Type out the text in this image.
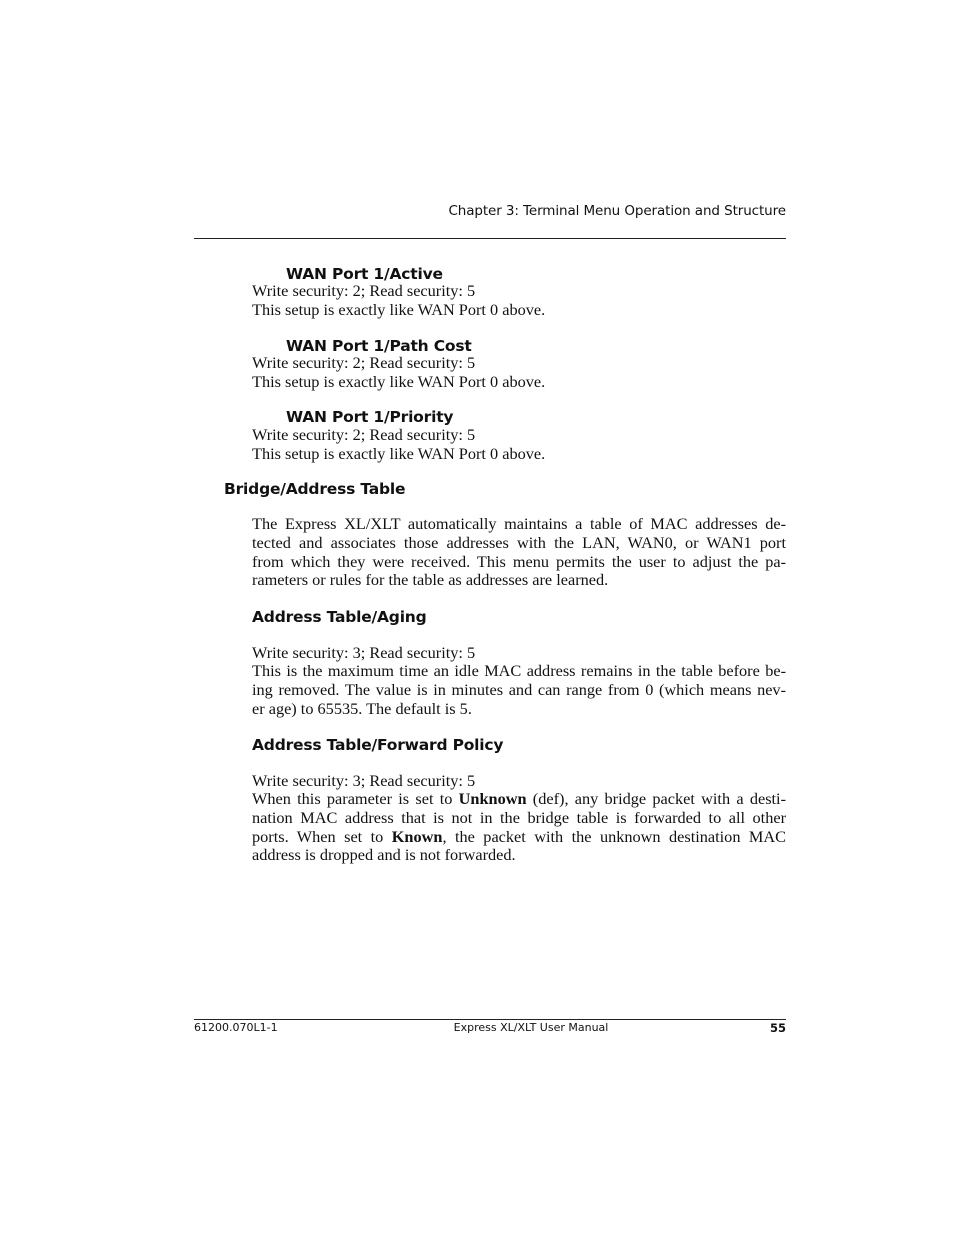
Chapter 3: Terminal Menu Operation and Structure
WAN Port 1/Active
Write security: 2; Read security: 5
This setup is exactly like WAN Port 0 above.
WAN Port 1/Path Cost
Write security: 2; Read security: 5
This setup is exactly like WAN Port 0 above.
WAN Port 1/Priority
Write security: 2; Read security: 5
This setup is exactly like WAN Port 0 above.
Bridge/Address Table
The Express XL/XLT automatically maintains a table of MAC addresses de-
tected and associates those addresses with the LAN, WAN0, or WAN1 port
from which they were received. This menu permits the user to adjust the pa-
rameters or rules for the table as addresses are learned.
Address Table/Aging
Write security: 3; Read security: 5
This is the maximum time an idle MAC address remains in the table before be-
ing removed. The value is in minutes and can range from 0 (which means nev-
er age) to 65535. The default is 5.
Address Table/Forward Policy
Write security: 3; Read security: 5
When this parameter is set to Unknown (def), any bridge packet with a desti-
nation MAC address that is not in the bridge table is forwarded to all other
ports. When set to Known, the packet with the unknown destination MAC
address is dropped and is not forwarded.
61200.070L1-1	Express XL/XLT User Manual	55
